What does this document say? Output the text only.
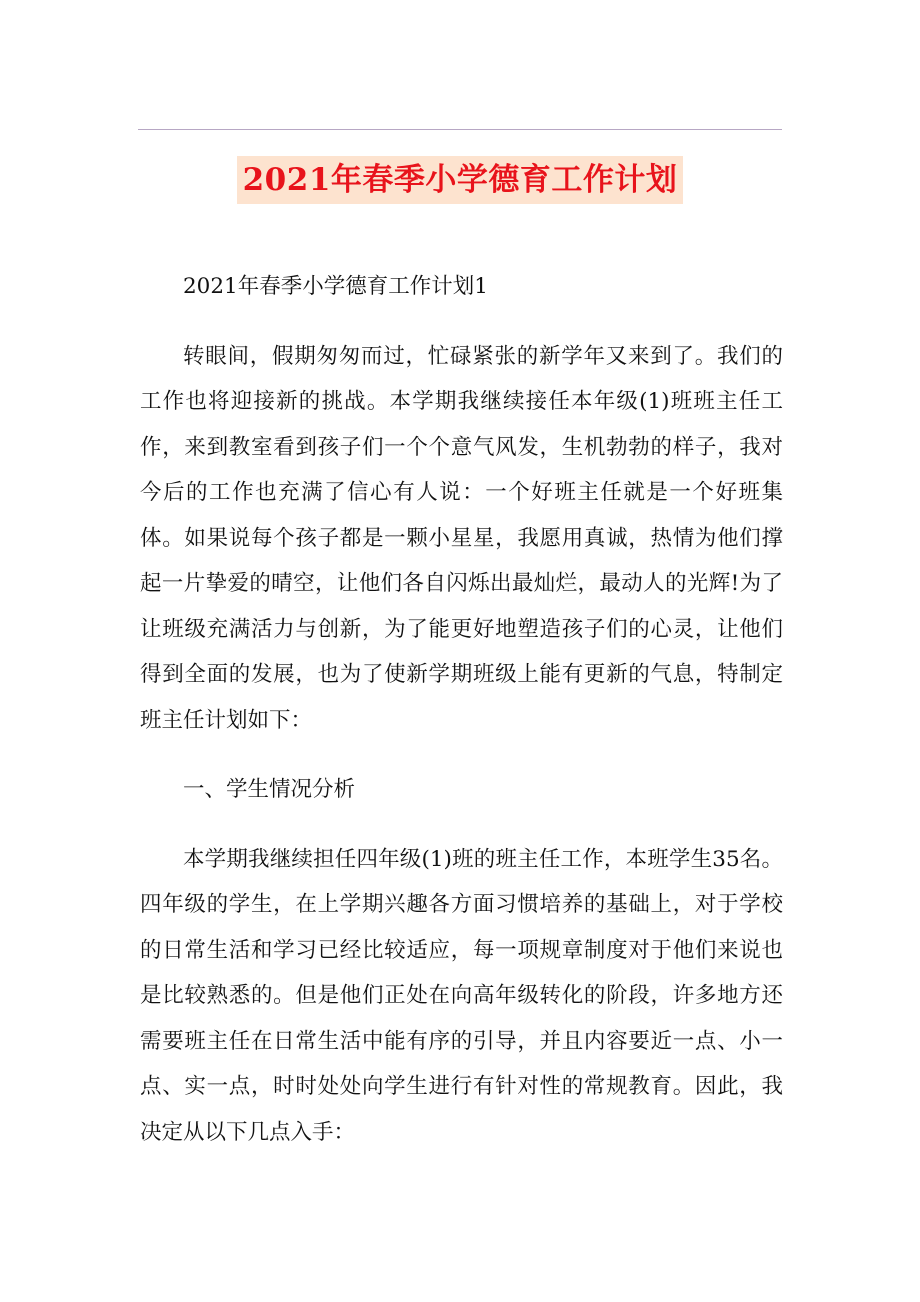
2021年春季小学德育工作计划

2021年春季小学德育工作计划1

转眼间，假期匆匆而过，忙碌紧张的新学年又来到了。我们的工作也将迎接新的挑战。本学期我继续接任本年级(1)班班主任工作，来到教室看到孩子们一个个意气风发，生机勃勃的样子，我对今后的工作也充满了信心有人说：一个好班主任就是一个好班集体。如果说每个孩子都是一颗小星星，我愿用真诚，热情为他们撑起一片挚爱的晴空，让他们各自闪烁出最灿烂，最动人的光辉!为了让班级充满活力与创新，为了能更好地塑造孩子们的心灵，让他们得到全面的发展，也为了使新学期班级上能有更新的气息，特制定班主任计划如下：

一、学生情况分析

本学期我继续担任四年级(1)班的班主任工作，本班学生35名。四年级的学生，在上学期兴趣各方面习惯培养的基础上，对于学校的日常生活和学习已经比较适应，每一项规章制度对于他们来说也是比较熟悉的。但是他们正处在向高年级转化的阶段，许多地方还需要班主任在日常生活中能有序的引导，并且内容要近一点、小一点、实一点，时时处处向学生进行有针对性的常规教育。因此，我决定从以下几点入手：
